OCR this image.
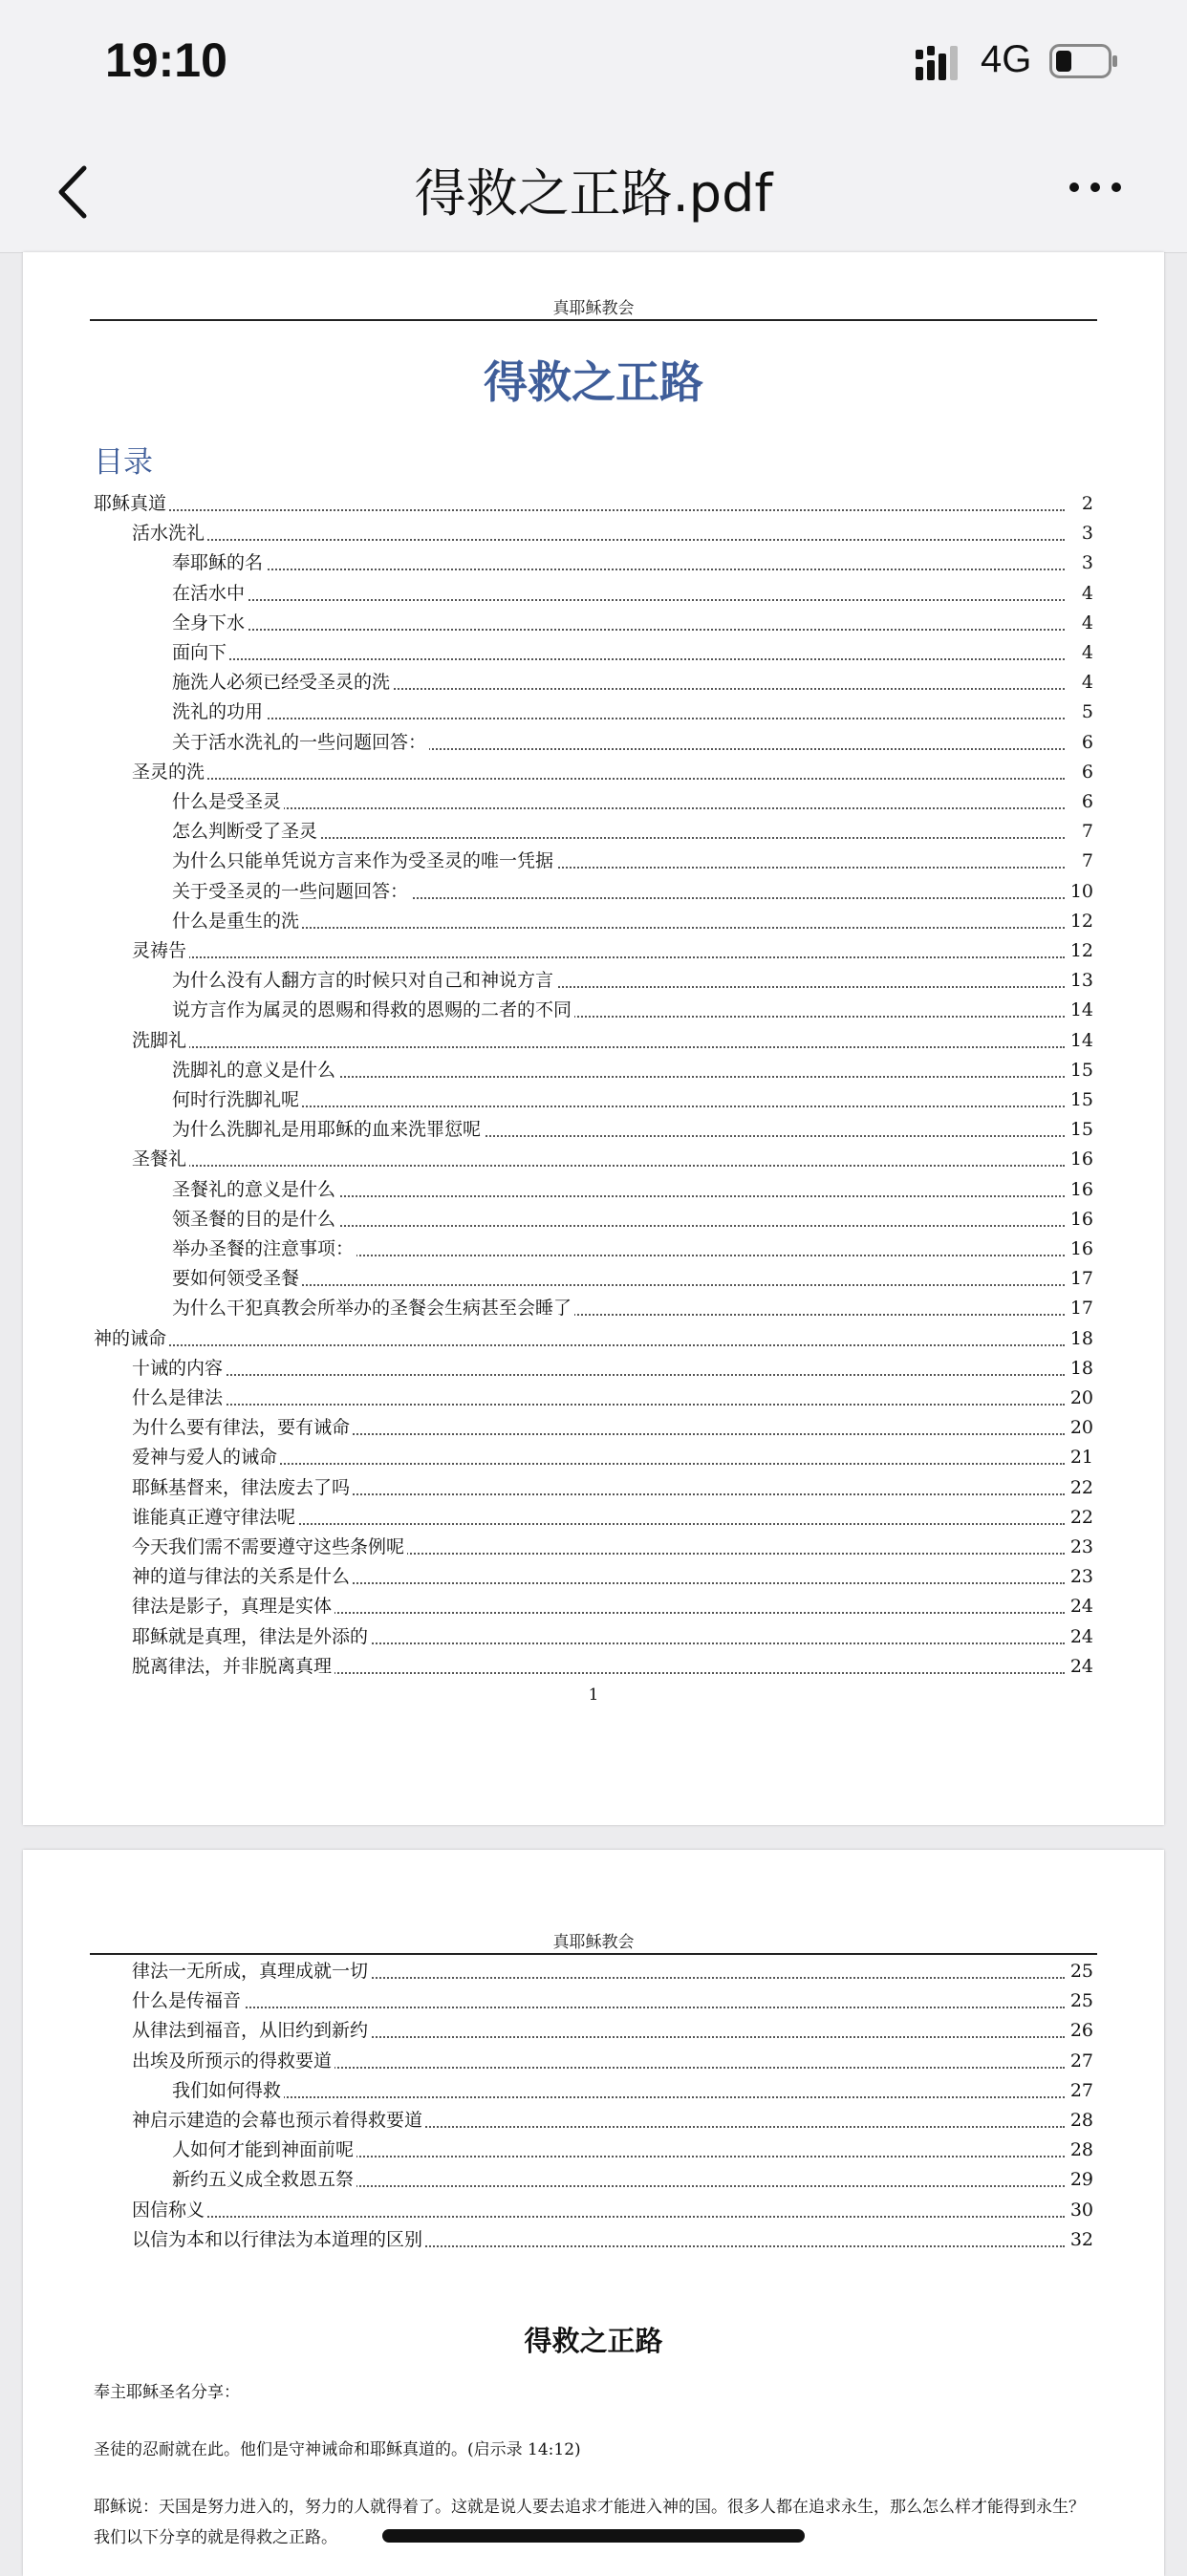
19:10	4G
得救之正路.pdf
真耶稣教会
得救之正路
目录
耶稣真道	2
活水洗礼	3
奉耶稣的名	3
在活水中	4
全身下水	4
面向下	4
施洗人必须已经受圣灵的洗	4
洗礼的功用	5
关于活水洗礼的一些问题回答：	6
圣灵的洗	6
什么是受圣灵	6
怎么判断受了圣灵	7
为什么只能单凭说方言来作为受圣灵的唯一凭据	7
关于受圣灵的一些问题回答：	10
什么是重生的洗	12
灵祷告	12
为什么没有人翻方言的时候只对自己和神说方言	13
说方言作为属灵的恩赐和得救的恩赐的二者的不同	14
洗脚礼	14
洗脚礼的意义是什么	15
何时行洗脚礼呢	15
为什么洗脚礼是用耶稣的血来洗罪愆呢	15
圣餐礼	16
圣餐礼的意义是什么	16
领圣餐的目的是什么	16
举办圣餐的注意事项：	16
要如何领受圣餐	17
为什么干犯真教会所举办的圣餐会生病甚至会睡了	17
神的诫命	18
十诫的内容	18
什么是律法	20
为什么要有律法，要有诫命	20
爱神与爱人的诫命	21
耶稣基督来，律法废去了吗	22
谁能真正遵守律法呢	22
今天我们需不需要遵守这些条例呢	23
神的道与律法的关系是什么	23
律法是影子，真理是实体	24
耶稣就是真理，律法是外添的	24
脱离律法，并非脱离真理	24
1
真耶稣教会
律法一无所成，真理成就一切	25
什么是传福音	25
从律法到福音，从旧约到新约	26
出埃及所预示的得救要道	27
我们如何得救	27
神启示建造的会幕也预示着得救要道	28
人如何才能到神面前呢	28
新约五义成全救恩五祭	29
因信称义	30
以信为本和以行律法为本道理的区别	32
得救之正路
奉主耶稣圣名分享：
圣徒的忍耐就在此。他们是守神诫命和耶稣真道的。(启示录 14:12)
耶稣说：天国是努力进入的，努力的人就得着了。这就是说人要去追求才能进入神的国。很多人都在追求永生，那么怎么样才能得到永生？我们以下分享的就是得救之正路。
